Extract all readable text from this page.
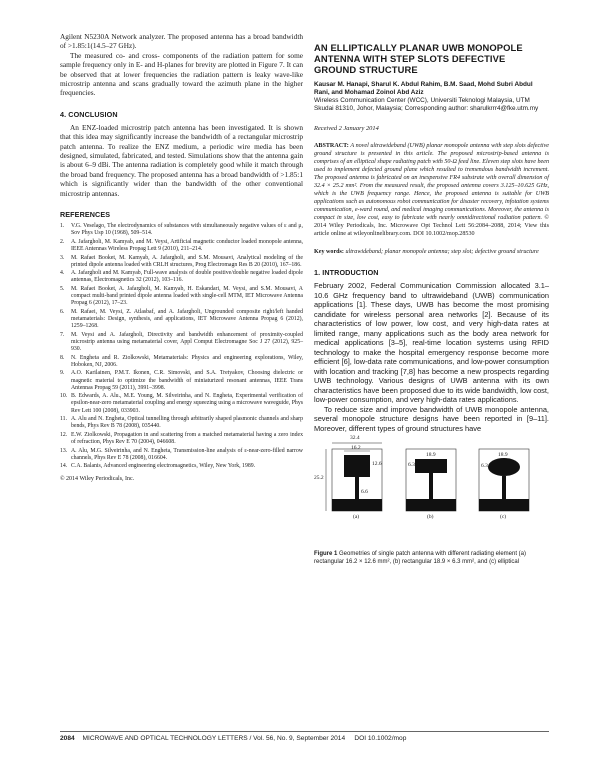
Agilent N5230A Network analyzer. The proposed antenna has a broad bandwidth of >1.85:1(14.5–27 GHz).

The measured co- and cross- components of the radiation pattern for some sample frequency only in E- and H-planes for brevity are plotted in Figure 7. It can be observed that at lower frequencies the radiation pattern is leaky wave-like microstrip antenna and scans gradually toward the azimuth plane in the higher frequencies.

4. CONCLUSION

An ENZ-loaded microstrip patch antenna has been investigated. It is shown that this idea may significantly increase the bandwidth of a rectangular microstrip patch antenna. To realize the ENZ medium, a periodic wire media has been designed, simulated, fabricated, and tested. Simulations show that the antenna gain is about 6–9 dBi. The antenna radiation is completely good while it match through the broad band frequency. The proposed antenna has a broad bandwidth of >1.85:1 which is significantly wider than the bandwidth of the other conventional microstrip antennas.

REFERENCES
1. V.G. Veselago, The electrodynamics of substances with simultaneously negative values of ε and μ, Sov Phys Usp 10 (1968), 509–514.
2. A. Jafargholi, M. Kamyab, and M. Veysi, Artificial magnetic conductor loaded monopole antenna, IEEE Antennas Wireless Propag Lett 9 (2010), 211–214.
3. M. Rafaei Booket, M. Kamyab, A. Jafargholi, and S.M. Mousavi, Analytical modeling of the printed dipole antenna loaded with CRLH structures, Prog Electromagn Res B 20 (2010), 167–186.
4. A. Jafargholi and M. Kamyab, Full-wave analysis of double positive/double negative loaded dipole antennas, Electromagnetics 32 (2012), 103–116.
5. M. Rafaei Booket, A. Jafargholi, M. Kamyab, H. Eskandari, M. Veysi, and S.M. Mousavi, A compact multi-band printed dipole antenna loaded with single-cell MTM, IET Microwave Antenna Propag 6 (2012), 17–23.
6. M. Rafaei, M. Veysi, Z. Atlasbaf, and A. Jafargholi, Ungrounded composite right/left handed metamaterials: Design, synthesis, and applications, IET Microwave Antenna Propag 6 (2012), 1259–1268.
7. M. Veysi and A. Jafargholi, Directivity and bandwidth enhancement of proximity-coupled microstrip antenna using metamaterial cover, Appl Comput Electromagne Soc J 27 (2012), 925–930.
8. N. Engheta and R. Ziolkowski, Metamaterials: Physics and engineering explorations, Wiley, Hoboken, NJ, 2006.
9. A.O. Karilainen, P.M.T. Ikonen, C.R. Simovski, and S.A. Tretyakov, Choosing dielectric or magnetic material to optimize the bandwidth of miniaturized resonant antennas, IEEE Trans Antennas Propag 59 (2011), 3991–3998.
10. B. Edwards, A. Alu., M.E. Young, M. Silveirinha, and N. Engheta, Experimental verification of epsilon-near-zero metamaterial coupling and energy squeezing using a microwave waveguide, Phys Rev Lett 100 (2008), 033903.
11. A. Alu and N. Engheta, Optical tunnelling through arbitrarily shaped plasmonic channels and sharp bends, Phys Rev B 78 (2008), 035440.
12. E.W. Ziolkowski, Propagation in and scattering from a matched metamaterial having a zero index of refraction, Phys Rev E 70 (2004), 046608.
13. A. Alu, M.G. Silveirinha, and N. Engheta, Transmission-line analysis of ε-near-zero-filled narrow channels, Phys Rev E 78 (2008), 016604.
14. C.A. Balanis, Advanced engineering electromagnetics, Wiley, New York, 1989.
© 2014 Wiley Periodicals, Inc.
AN ELLIPTICALLY PLANAR UWB MONOPOLE ANTENNA WITH STEP SLOTS DEFECTIVE GROUND STRUCTURE
Kausar M. Hanapi, Sharul K. Abdul Rahim, B.M. Saad, Mohd Subri Abdul Rani, and Mohamad Zoinol Abd Aziz
Wireless Communication Center (WCC), Universiti Teknologi Malaysia, UTM Skudai 81310, Johor, Malaysia; Corresponding author: sharulkrrr4@fke.utm.my
Received 2 January 2014

ABSTRACT: A novel ultrawideband (UWB) planar monopole antenna with step slots defective ground structure is presented in this article. The proposed microstrip-based antenna is comprises of an elliptical shape radiating patch with 50-Ω feed line. Eleven step slots have been used to implement defected ground plane which resulted to tremendous bandwidth increment. The proposed antenna is fabricated on an inexpensive FR4 substrate with overall dimension of 32.4 × 25.2 mm². From the measured result, the proposed antenna covers 3.125–10.625 GHz, which is the UWB frequency range. Hence, the proposed antenna is suitable for UWB applications such as autonomous robot communication for disaster recovery, infotation systems communication, e-ward round, and medical imaging communications. Moreover, the antenna is compact in size, low cost, easy to fabricate with nearly omnidirectional radiation pattern. © 2014 Wiley Periodicals, Inc. Microwave Opt Technol Lett 56:2084–2088, 2014; View this article online at wileyonlinelibrary.com. DOI 10.1002/mop.28530

Key words: ultrawideband; planar monopole antenna; step slot; defective ground structure

1. INTRODUCTION

February 2002, Federal Communication Commission allocated 3.1–10.6 GHz frequency band to ultrawideband (UWB) communication applications [1]. These days, UWB has become the most promising candidate for wireless personal area networks [2]. Because of its characteristics of low power, low cost, and very high-data rates at limited range, many applications such as the body area network for medical applications [3–5], real-time location systems using RFID technology to make the hospital emergency response become more efficient [6], low-data rate communications, and low-power consumption with location and tracking [7,8] has become a new prospects regarding UWB technology. Various designs of UWB antenna with its own characteristics have been proposed due to its wide bandwidth, low cost, low-power consumption, and very high-data rates applications.

To reduce size and improve bandwidth of UWB monopole antenna, several monopole structure designs have been reported in [9–11]. Moreover, different types of ground structures have

32.4
25.2
16.2
12.6
6.6
18.9
6.3
18.9
6.3
(a)	(b)	(c)

Figure 1 Geometries of single patch antenna with different radiating element (a) rectangular 16.2 × 12.6 mm², (b) rectangular 18.9 × 6.3 mm², and (c) elliptical

2084 MICROWAVE AND OPTICAL TECHNOLOGY LETTERS / Vol. 56, No. 9, September 2014 DOI 10.1002/mop
